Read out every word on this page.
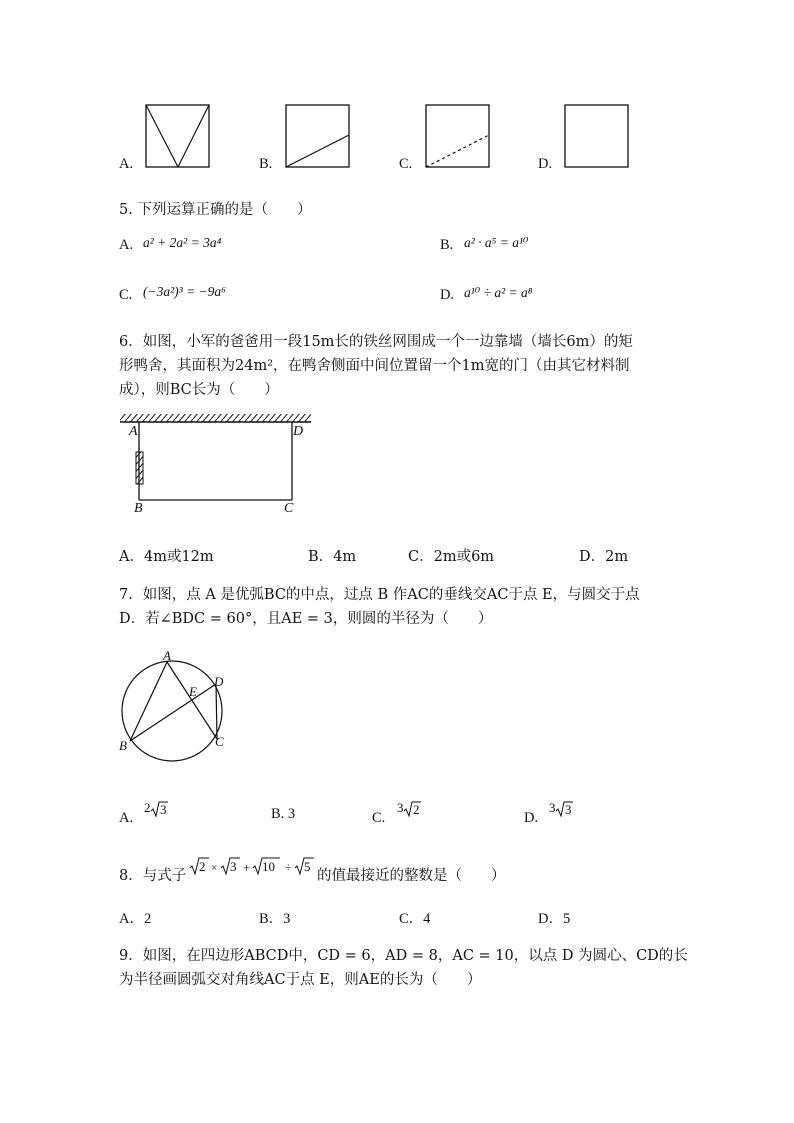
A.	B.	C.	D.
5. 下列运算正确的是（　　）
A. a² + 2a² = 3a⁴	B. a² · a⁵ = a¹⁰
C. (−3a²)³ = −9a⁶	D. a¹⁰ ÷ a² = a⁸
6．如图，小军的爸爸用一段15m长的铁丝网围成一个一边靠墙（墙长6m）的矩
形鸭舍，其面积为24m²，在鸭舍侧面中间位置留一个1m宽的门（由其它材料制
成），则BC长为（　　）
A	D
B	C
A．4m或12m	B．4m	C．2m或6m	D．2m
7．如图，点 A 是优弧BC的中点，过点 B 作AC的垂线交AC于点 E，与圆交于点
D．若∠BDC = 60°，且AE = 3，则圆的半径为（　　）
A
E
D
C
B
A.
2 3	B. 3	C.
3 2
D.
3 3
8．与式子
2 × 3 + 10 ÷ 5
的值最接近的整数是（　　）
A．2	B．3	C．4	D．5
9．如图，在四边形ABCD中，CD = 6，AD = 8，AC = 10，以点 D 为圆心、CD的长
为半径画圆弧交对角线AC于点 E，则AE的长为（　　）
